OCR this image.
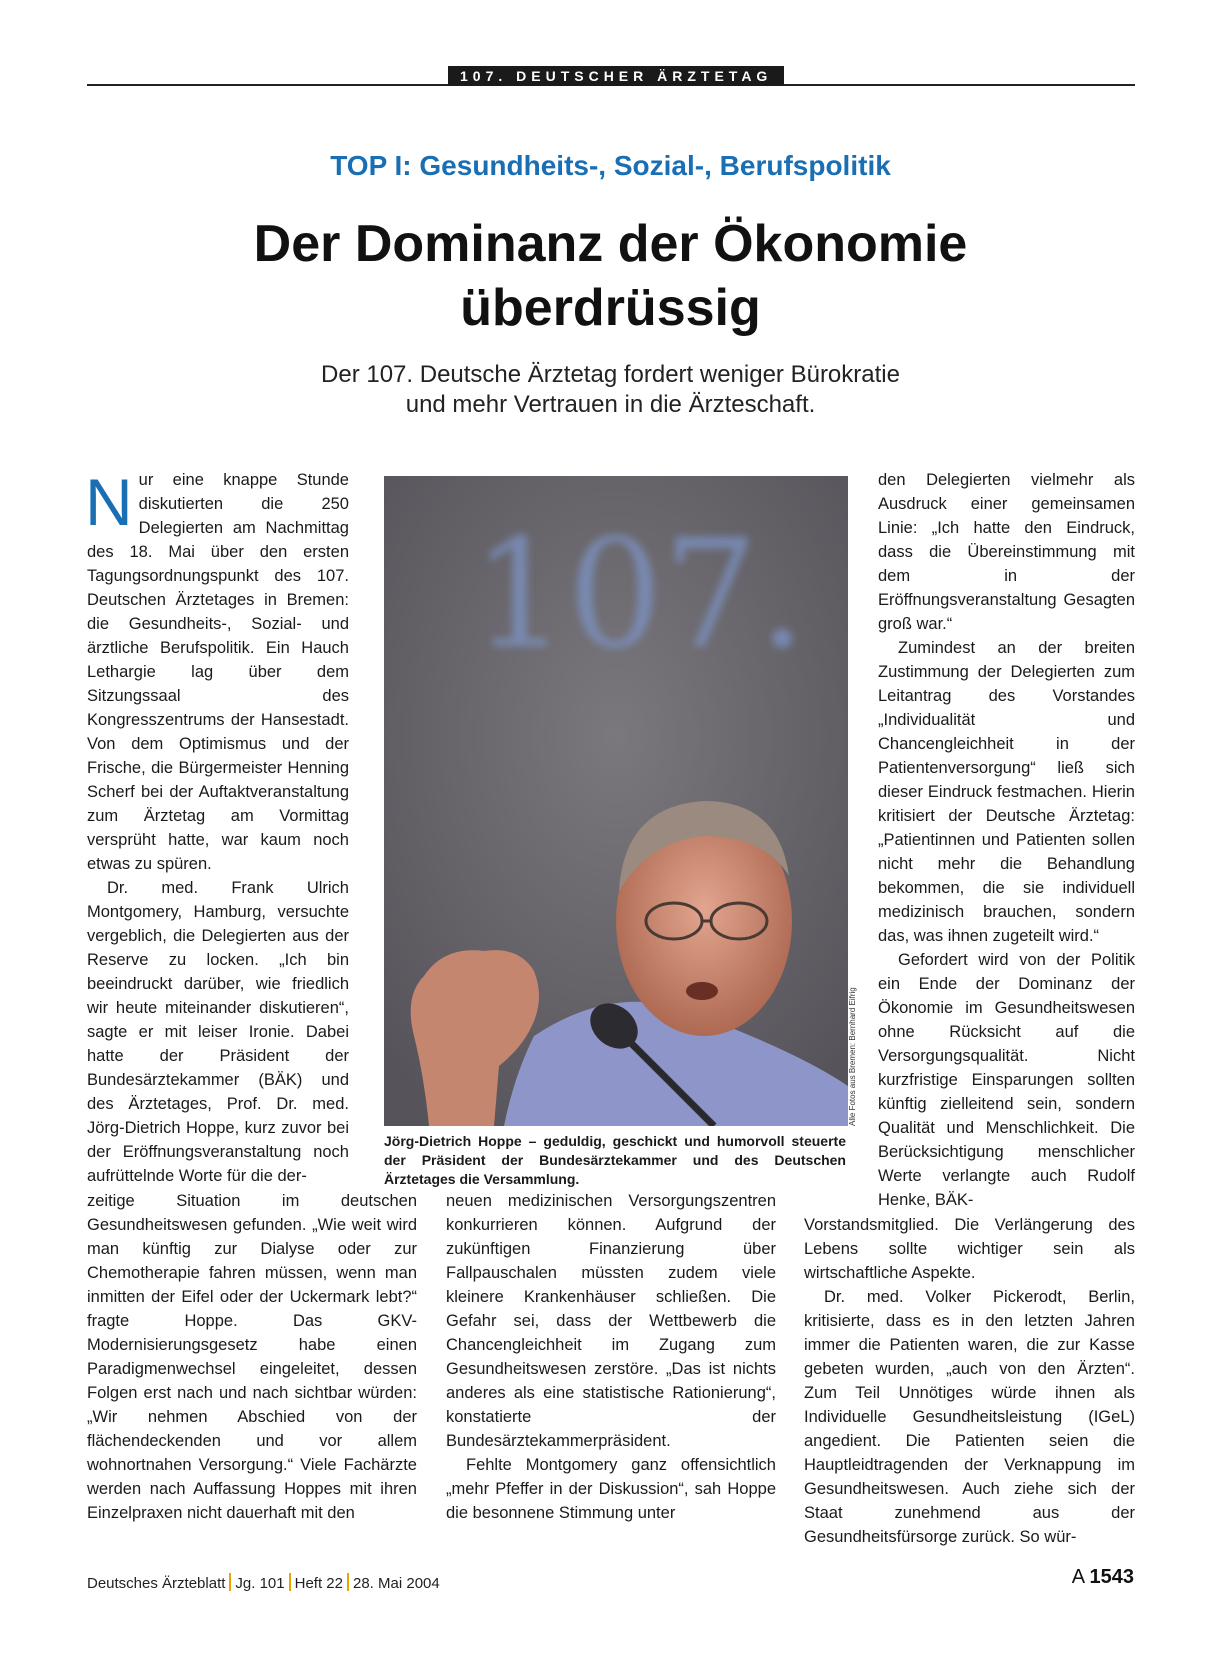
107. DEUTSCHER ÄRZTETAG
TOP I: Gesundheits-, Sozial-, Berufspolitik
Der Dominanz der Ökonomie
überdrüssig
Der 107. Deutsche Ärztetag fordert weniger Bürokratie
und mehr Vertrauen in die Ärzteschaft.

Nur eine knappe Stunde diskutierten die 250 Delegierten am Nachmittag des 18. Mai über den ersten Tagungsordnungspunkt des 107. Deutschen Ärztetages in Bremen: die Gesundheits-, Sozial- und ärztliche Berufspolitik. Ein Hauch Lethargie lag über dem Sitzungssaal des Kongresszentrums der Hansestadt. Von dem Optimismus und der Frische, die Bürgermeister Henning Scherf bei der Auftaktveranstaltung zum Ärztetag am Vormittag versprüht hatte, war kaum noch etwas zu spüren.

Dr. med. Frank Ulrich Montgomery, Hamburg, versuchte vergeblich, die Delegierten aus der Reserve zu locken. „Ich bin beeindruckt darüber, wie friedlich wir heute miteinander diskutieren“, sagte er mit leiser Ironie. Dabei hatte der Präsident der Bundesärztekammer (BÄK) und des Ärztetages, Prof. Dr. med. Jörg-Dietrich Hoppe, kurz zuvor bei der Eröffnungsveranstaltung noch aufrüttelnde Worte für die der-

107.
Alle Fotos aus Bremen: Bernhard Eifrig
Jörg-Dietrich Hoppe – geduldig, geschickt und humorvoll steuerte der Präsident der Bundesärztekammer und des Deutschen Ärztetages die Versammlung.

zeitige Situation im deutschen Gesundheitswesen gefunden. „Wie weit wird man künftig zur Dialyse oder zur Chemotherapie fahren müssen, wenn man inmitten der Eifel oder der Uckermark lebt?“ fragte Hoppe. Das GKV-Modernisierungsgesetz habe einen Paradigmenwechsel eingeleitet, dessen Folgen erst nach und nach sichtbar würden: „Wir nehmen Abschied von der flächendeckenden und vor allem wohnortnahen Versorgung.“ Viele Fachärzte werden nach Auffassung Hoppes mit ihren Einzelpraxen nicht dauerhaft mit den

neuen medizinischen Versorgungszentren konkurrieren können. Aufgrund der zukünftigen Finanzierung über Fallpauschalen müssten zudem viele kleinere Krankenhäuser schließen. Die Gefahr sei, dass der Wettbewerb die Chancengleichheit im Zugang zum Gesundheitswesen zerstöre. „Das ist nichts anderes als eine statistische Rationierung“, konstatierte der Bundesärztekammerpräsident.

Fehlte Montgomery ganz offensichtlich „mehr Pfeffer in der Diskussion“, sah Hoppe die besonnene Stimmung unter

den Delegierten vielmehr als Ausdruck einer gemeinsamen Linie: „Ich hatte den Eindruck, dass die Übereinstimmung mit dem in der Eröffnungsveranstaltung Gesagten groß war.“

Zumindest an der breiten Zustimmung der Delegierten zum Leitantrag des Vorstandes „Individualität und Chancengleichheit in der Patientenversorgung“ ließ sich dieser Eindruck festmachen. Hierin kritisiert der Deutsche Ärztetag: „Patientinnen und Patienten sollen nicht mehr die Behandlung bekommen, die sie individuell medizinisch brauchen, sondern das, was ihnen zugeteilt wird.“

Gefordert wird von der Politik ein Ende der Dominanz der Ökonomie im Gesundheitswesen ohne Rücksicht auf die Versorgungsqualität. Nicht kurzfristige Einsparungen sollten künftig zielleitend sein, sondern Qualität und Menschlichkeit. Die Berücksichtigung menschlicher Werte verlangte auch Rudolf Henke, BÄK-

Vorstandsmitglied. Die Verlängerung des Lebens sollte wichtiger sein als wirtschaftliche Aspekte.

Dr. med. Volker Pickerodt, Berlin, kritisierte, dass es in den letzten Jahren immer die Patienten waren, die zur Kasse gebeten wurden, „auch von den Ärzten“. Zum Teil Unnötiges würde ihnen als Individuelle Gesundheitsleistung (IGeL) angedient. Die Patienten seien die Hauptleidtragenden der Verknappung im Gesundheitswesen. Auch ziehe sich der Staat zunehmend aus der Gesundheitsfürsorge zurück. So wür-

Deutsches Ärzteblatt Jg. 101 Heft 22 28. Mai 2004	A 1543
